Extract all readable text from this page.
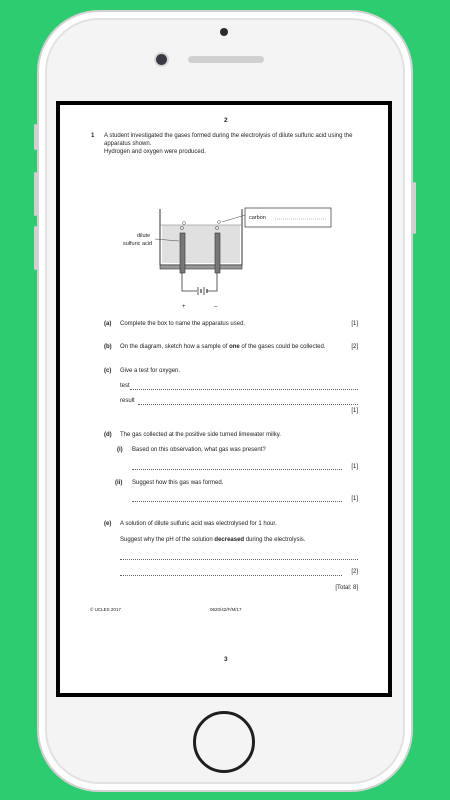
2
1 A student investigated the gases formed during the electrolysis of dilute sulfuric acid using the
apparatus shown.
Hydrogen and oxygen were produced.
carbon
dilute
sulfuric acid
+	–
(a) Complete the box to name the apparatus used.	[1]
(b) On the diagram, sketch how a sample of one of the gases could be collected.	[2]
(c) Give a test for oxygen.
test
result
[1]
(d) The gas collected at the positive side turned limewater milky.
(i) Based on this observation, what gas was present?
[1]
(ii) Suggest how this gas was formed.
[1]
(e) A solution of dilute sulfuric acid was electrolysed for 1 hour.
Suggest why the pH of the solution decreased during the electrolysis.
[2]
[Total: 8]
© UCLES 2017	0620/42/F/M/17
3
